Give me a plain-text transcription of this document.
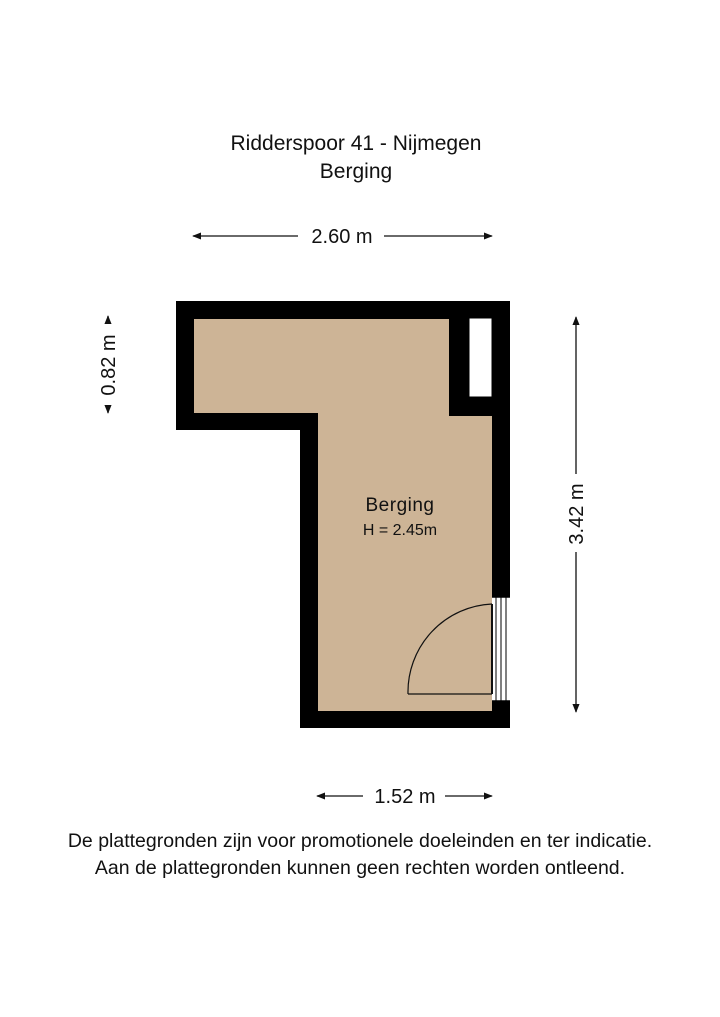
Ridderspoor 41 - Nijmegen
Berging
Berging
H = 2.45m
2.60 m
1.52 m
0.82 m
3.42 m
De plattegronden zijn voor promotionele doeleinden en ter indicatie.
Aan de plattegronden kunnen geen rechten worden ontleend.
